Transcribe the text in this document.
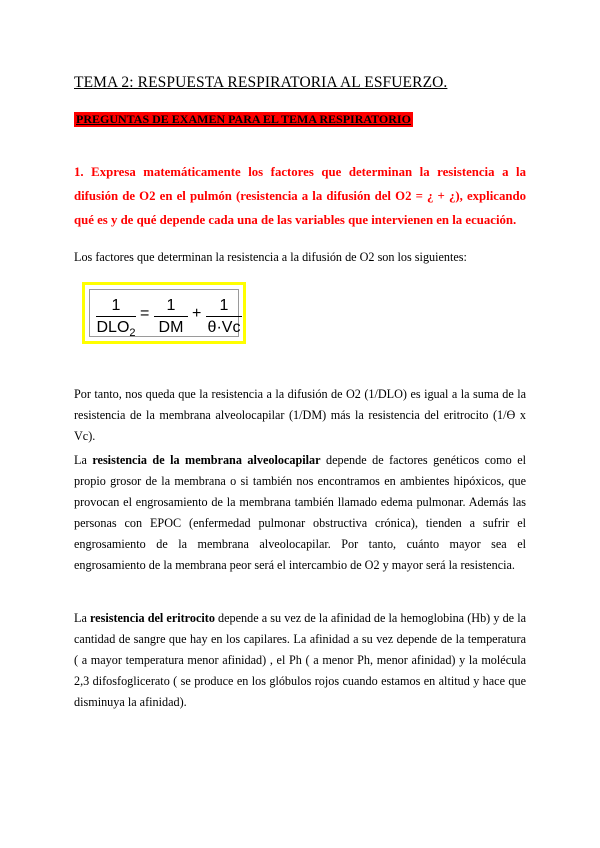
TEMA 2: RESPUESTA RESPIRATORIA AL ESFUERZO.
PREGUNTAS DE EXAMEN PARA EL TEMA RESPIRATORIO
1. Expresa matemáticamente los factores que determinan la resistencia a la difusión de O2 en el pulmón (resistencia a la difusión del O2 = ¿ + ¿), explicando qué es y de qué depende cada una de las variables que intervienen en la ecuación.
Los factores que determinan la resistencia a la difusión de O2 son los siguientes:
1
$DLO_2$
=	1
DM
+	1
θ·Vc
Por tanto, nos queda que la resistencia a la difusión de O2 (1/DLO) es igual a la suma de la resistencia de la membrana alveolocapilar (1/DM) más la resistencia del eritrocito (1/Ɵ x Vc).
La resistencia de la membrana alveolocapilar depende de factores genéticos como el propio grosor de la membrana o si también nos encontramos en ambientes hipóxicos, que provocan el engrosamiento de la membrana también llamado edema pulmonar. Además las personas con EPOC (enfermedad pulmonar obstructiva crónica), tienden a sufrir el engrosamiento de la membrana alveolocapilar. Por tanto, cuánto mayor sea el engrosamiento de la membrana peor será el intercambio de O2 y mayor será la resistencia.
La resistencia del eritrocito depende a su vez de la afinidad de la hemoglobina (Hb) y de la cantidad de sangre que hay en los capilares. La afinidad a su vez depende de la temperatura ( a mayor temperatura menor afinidad) , el Ph ( a menor Ph, menor afinidad) y la molécula 2,3 difosfoglicerato ( se produce en los glóbulos rojos cuando estamos en altitud y hace que disminuya la afinidad).
